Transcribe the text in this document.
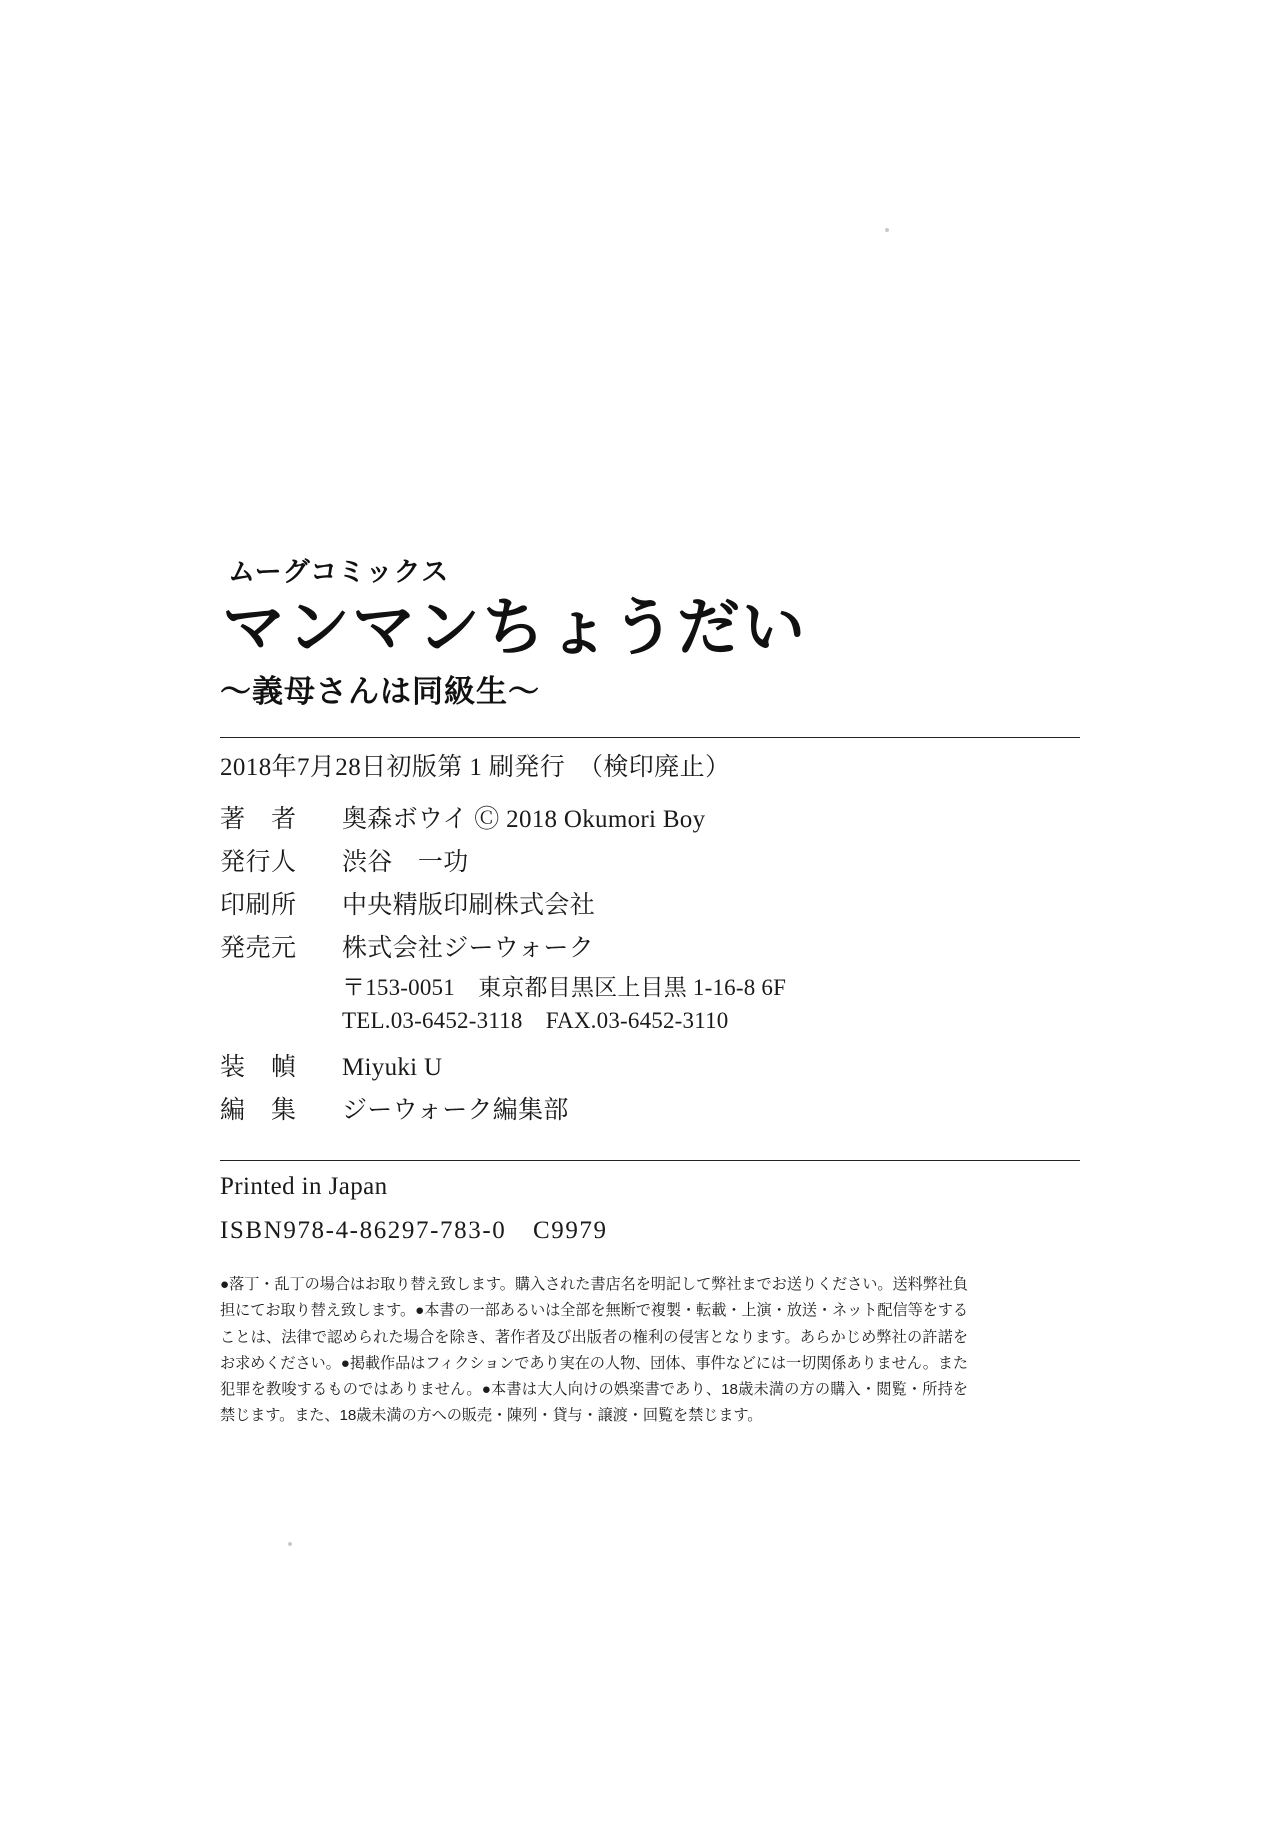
ムーグコミックス
マンマンちょうだい
〜義母さんは同級生〜
2018年7月28日初版第 1 刷発行　（検印廃止）
著　者	奥森ボウイ Ⓒ 2018 Okumori Boy
発行人	渋谷　一功
印刷所	中央精版印刷株式会社
発売元	株式会社ジーウォーク
〒153-0051　東京都目黒区上目黒 1-16-8 6F
TEL.03-6452-3118　FAX.03-6452-3110
装　幀	Miyuki U
編　集	ジーウォーク編集部
Printed in Japan
ISBN978-4-86297-783-0　C9979
●落丁・乱丁の場合はお取り替え致します。購入された書店名を明記して弊社までお送りください。送料弊社負担にてお取り替え致します。●本書の一部あるいは全部を無断で複製・転載・上演・放送・ネット配信等をすることは、法律で認められた場合を除き、著作者及び出版者の権利の侵害となります。あらかじめ弊社の許諾をお求めください。●掲載作品はフィクションであり実在の人物、団体、事件などには一切関係ありません。また犯罪を教唆するものではありません。●本書は大人向けの娯楽書であり、18歳未満の方の購入・閲覧・所持を禁じます。また、18歳未満の方への販売・陳列・貸与・譲渡・回覧を禁じます。
